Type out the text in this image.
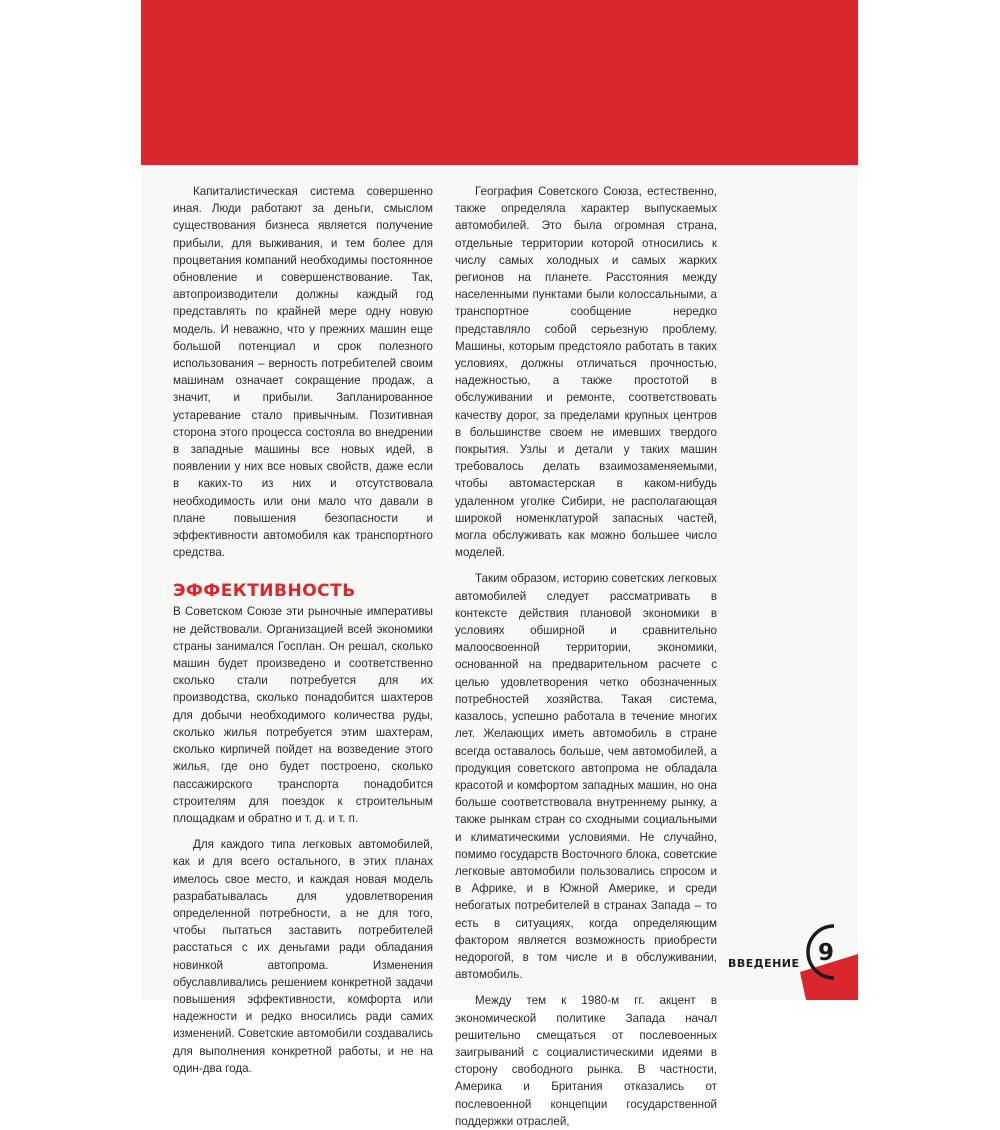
Капиталистическая система совершенно иная. Люди работают за деньги, смыслом существования бизнеса является получение прибыли, для выживания, и тем более для процветания компаний необходимы постоянное обновление и совершенствование. Так, автопроизводители должны каждый год представлять по крайней мере одну новую модель. И неважно, что у прежних машин еще большой потенциал и срок полезного использования – верность потребителей своим машинам означает сокращение продаж, а значит, и прибыли. Запланированное устаревание стало привычным. Позитивная сторона этого процесса состояла во внедрении в западные машины все новых идей, в появлении у них все новых свойств, даже если в каких-то из них и отсутствовала необходимость или они мало что давали в плане повышения безопасности и эффективности автомобиля как транспортного средства.

ЭФФЕКТИВНОСТЬ

В Советском Союзе эти рыночные императивы не действовали. Организацией всей экономики страны занимался Госплан. Он решал, сколько машин будет произведено и соответственно сколько стали потребуется для их производства, сколько понадобится шахтеров для добычи необходимого количества руды, сколько жилья потребуется этим шахтерам, сколько кирпичей пойдет на возведение этого жилья, где оно будет построено, сколько пассажирского транспорта понадобится строителям для поездок к строительным площадкам и обратно и т. д. и т. п.

Для каждого типа легковых автомобилей, как и для всего остального, в этих планах имелось свое место, и каждая новая модель разрабатывалась для удовлетворения определенной потребности, а не для того, чтобы пытаться заставить потребителей расстаться с их деньгами ради обладания новинкой автопрома. Изменения обуславливались решением конкретной задачи повышения эффективности, комфорта или надежности и редко вносились ради самих изменений. Советские автомобили создавались для выполнения конкретной работы, и не на один-два года.

География Советского Союза, естественно, также определяла характер выпускаемых автомобилей. Это была огромная страна, отдельные территории которой относились к числу самых холодных и самых жарких регионов на планете. Расстояния между населенными пунктами были колоссальными, а транспортное сообщение нередко представляло собой серьезную проблему. Машины, которым предстояло работать в таких условиях, должны отличаться прочностью, надежностью, а также простотой в обслуживании и ремонте, соответствовать качеству дорог, за пределами крупных центров в большинстве своем не имевших твердого покрытия. Узлы и детали у таких машин требовалось делать взаимозаменяемыми, чтобы автомастерская в каком-нибудь удаленном уголке Сибири, не располагающая широкой номенклатурой запасных частей, могла обслуживать как можно большее число моделей.

Таким образом, историю советских легковых автомобилей следует рассматривать в контексте действия плановой экономики в условиях обширной и сравнительно малоосвоенной территории, экономики, основанной на предварительном расчете с целью удовлетворения четко обозначенных потребностей хозяйства. Такая система, казалось, успешно работала в течение многих лет. Желающих иметь автомобиль в стране всегда оставалось больше, чем автомобилей, а продукция советского автопрома не обладала красотой и комфортом западных машин, но она больше соответствовала внутреннему рынку, а также рынкам стран со сходными социальными и климатическими условиями. Не случайно, помимо государств Восточного блока, советские легковые автомобили пользовались спросом и в Африке, и в Южной Америке, и среди небогатых потребителей в странах Запада – то есть в ситуациях, когда определяющим фактором является возможность приобрести недорогой, в том числе и в обслуживании, автомобиль.

Между тем к 1980-м гг. акцент в экономической политике Запада начал решительно смещаться от послевоенных заигрываний с социалистическими идеями в сторону свободного рынка. В частности, Америка и Британия отказались от послевоенной концепции государственной поддержки отраслей,

ВВЕДЕНИЕ 9
